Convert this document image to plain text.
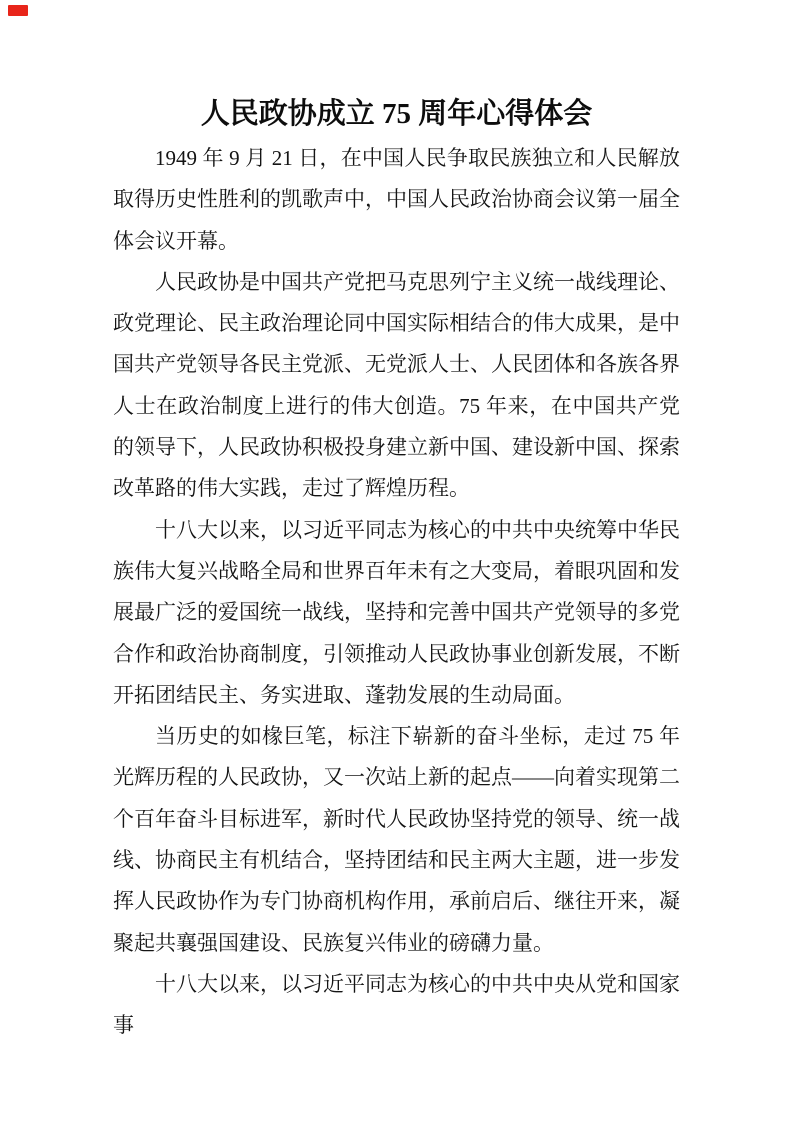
人民政协成立 75 周年心得体会

1949 年 9 月 21 日，在中国人民争取民族独立和人民解放取得历史性胜利的凯歌声中，中国人民政治协商会议第一届全体会议开幕。

人民政协是中国共产党把马克思列宁主义统一战线理论、政党理论、民主政治理论同中国实际相结合的伟大成果，是中国共产党领导各民主党派、无党派人士、人民团体和各族各界人士在政治制度上进行的伟大创造。75 年来，在中国共产党的领导下，人民政协积极投身建立新中国、建设新中国、探索改革路的伟大实践，走过了辉煌历程。

十八大以来，以习近平同志为核心的中共中央统筹中华民族伟大复兴战略全局和世界百年未有之大变局，着眼巩固和发展最广泛的爱国统一战线，坚持和完善中国共产党领导的多党合作和政治协商制度，引领推动人民政协事业创新发展，不断开拓团结民主、务实进取、蓬勃发展的生动局面。

当历史的如椽巨笔，标注下崭新的奋斗坐标，走过 75 年光辉历程的人民政协，又一次站上新的起点——向着实现第二个百年奋斗目标进军，新时代人民政协坚持党的领导、统一战线、协商民主有机结合，坚持团结和民主两大主题，进一步发挥人民政协作为专门协商机构作用，承前启后、继往开来，凝聚起共襄强国建设、民族复兴伟业的磅礴力量。

十八大以来，以习近平同志为核心的中共中央从党和国家事
